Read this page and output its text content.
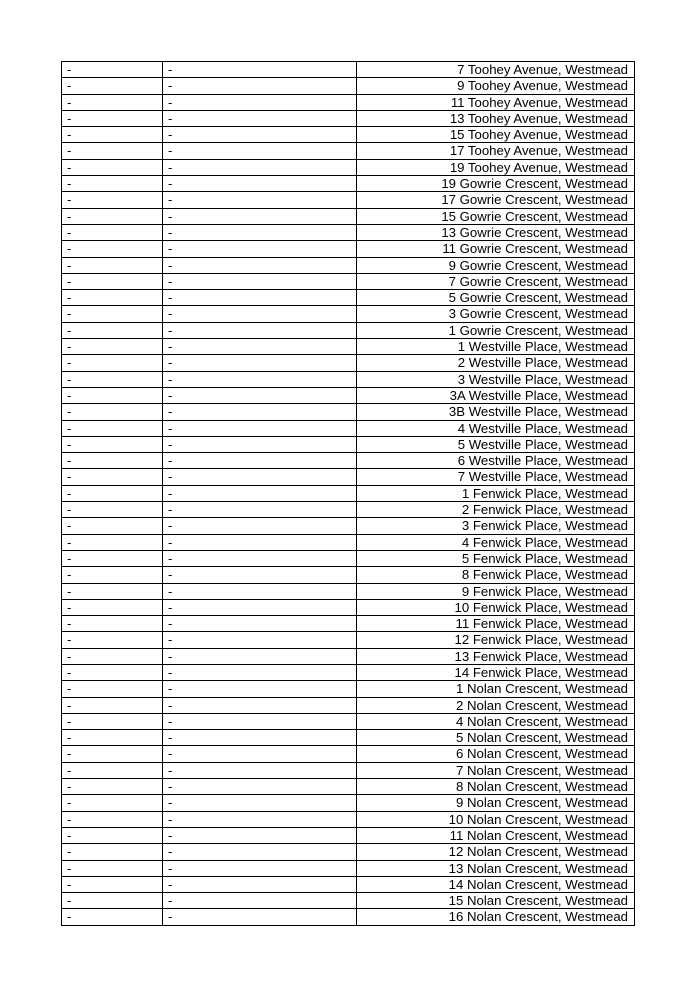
-	-	7 Toohey Avenue, Westmead
-	-	9 Toohey Avenue, Westmead
-	-	11 Toohey Avenue, Westmead
-	-	13 Toohey Avenue, Westmead
-	-	15 Toohey Avenue, Westmead
-	-	17 Toohey Avenue, Westmead
-	-	19 Toohey Avenue, Westmead
-	-	19 Gowrie Crescent, Westmead
-	-	17 Gowrie Crescent, Westmead
-	-	15 Gowrie Crescent, Westmead
-	-	13 Gowrie Crescent, Westmead
-	-	11 Gowrie Crescent, Westmead
-	-	9 Gowrie Crescent, Westmead
-	-	7 Gowrie Crescent, Westmead
-	-	5 Gowrie Crescent, Westmead
-	-	3 Gowrie Crescent, Westmead
-	-	1 Gowrie Crescent, Westmead
-	-	1 Westville Place, Westmead
-	-	2 Westville Place, Westmead
-	-	3 Westville Place, Westmead
-	-	3A Westville Place, Westmead
-	-	3B Westville Place, Westmead
-	-	4 Westville Place, Westmead
-	-	5 Westville Place, Westmead
-	-	6 Westville Place, Westmead
-	-	7 Westville Place, Westmead
-	-	1 Fenwick Place, Westmead
-	-	2 Fenwick Place, Westmead
-	-	3 Fenwick Place, Westmead
-	-	4 Fenwick Place, Westmead
-	-	5 Fenwick Place, Westmead
-	-	8 Fenwick Place, Westmead
-	-	9 Fenwick Place, Westmead
-	-	10 Fenwick Place, Westmead
-	-	11 Fenwick Place, Westmead
-	-	12 Fenwick Place, Westmead
-	-	13 Fenwick Place, Westmead
-	-	14 Fenwick Place, Westmead
-	-	1 Nolan Crescent, Westmead
-	-	2 Nolan Crescent, Westmead
-	-	4 Nolan Crescent, Westmead
-	-	5 Nolan Crescent, Westmead
-	-	6 Nolan Crescent, Westmead
-	-	7 Nolan Crescent, Westmead
-	-	8 Nolan Crescent, Westmead
-	-	9 Nolan Crescent, Westmead
-	-	10 Nolan Crescent, Westmead
-	-	11 Nolan Crescent, Westmead
-	-	12 Nolan Crescent, Westmead
-	-	13 Nolan Crescent, Westmead
-	-	14 Nolan Crescent, Westmead
-	-	15 Nolan Crescent, Westmead
-	-	16 Nolan Crescent, Westmead
